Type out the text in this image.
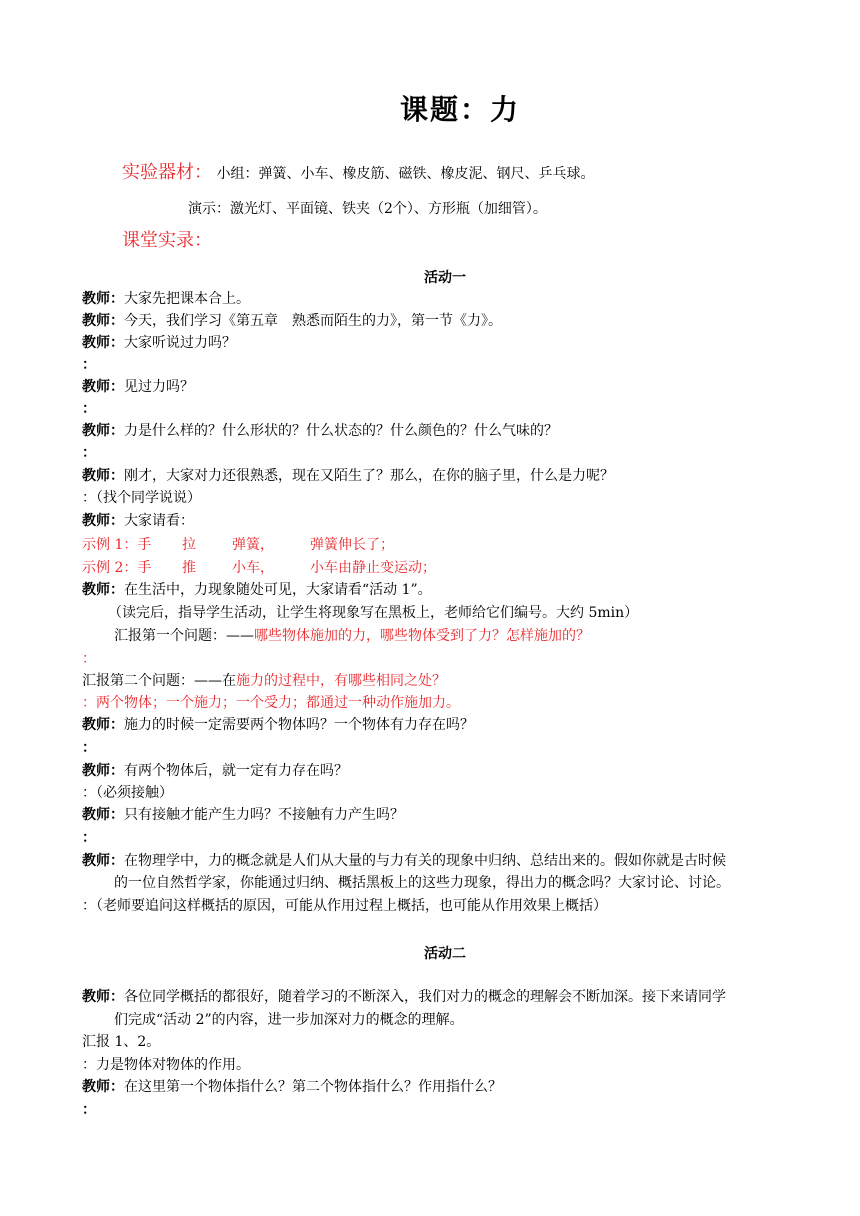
课题：力
实验器材： 小组：弹簧、小车、橡皮筋、磁铁、橡皮泥、钢尺、乒乓球。
演示：激光灯、平面镜、铁夹（2个）、方形瓶（加细管）。
课堂实录：
活动一
教师：大家先把课本合上。
教师：今天，我们学习《第五章　熟悉而陌生的力》，第一节《力》。
教师：大家听说过力吗？
：
教师：见过力吗？
：
教师：力是什么样的？什么形状的？什么状态的？什么颜色的？什么气味的？
：
教师：刚才，大家对力还很熟悉，现在又陌生了？那么，在你的脑子里，什么是力呢？
：（找个同学说说）
教师：大家请看：
示例 1：手 拉	弹簧，	弹簧伸长了；
示例 2：手 推	小车，	小车由静止变运动；
教师：在生活中，力现象随处可见，大家请看“活动 1”。
（读完后，指导学生活动，让学生将现象写在黑板上，老师给它们编号。大约 5min）
汇报第一个问题：——哪些物体施加的力，哪些物体受到了力？怎样施加的？
：
汇报第二个问题：——在施力的过程中，有哪些相同之处？
：两个物体；一个施力；一个受力；都通过一种动作施加力。
教师：施力的时候一定需要两个物体吗？一个物体有力存在吗？
：
教师：有两个物体后，就一定有力存在吗？
：（必须接触）
教师：只有接触才能产生力吗？不接触有力产生吗？
：
教师：在物理学中，力的概念就是人们从大量的与力有关的现象中归纳、总结出来的。假如你就是古时候
的一位自然哲学家，你能通过归纳、概括黑板上的这些力现象，得出力的概念吗？大家讨论、讨论。
：（老师要追问这样概括的原因，可能从作用过程上概括，也可能从作用效果上概括）
活动二
教师：各位同学概括的都很好，随着学习的不断深入，我们对力的概念的理解会不断加深。接下来请同学
们完成“活动 2”的内容，进一步加深对力的概念的理解。
汇报 1、2。
：力是物体对物体的作用。
教师：在这里第一个物体指什么？第二个物体指什么？作用指什么？
：
